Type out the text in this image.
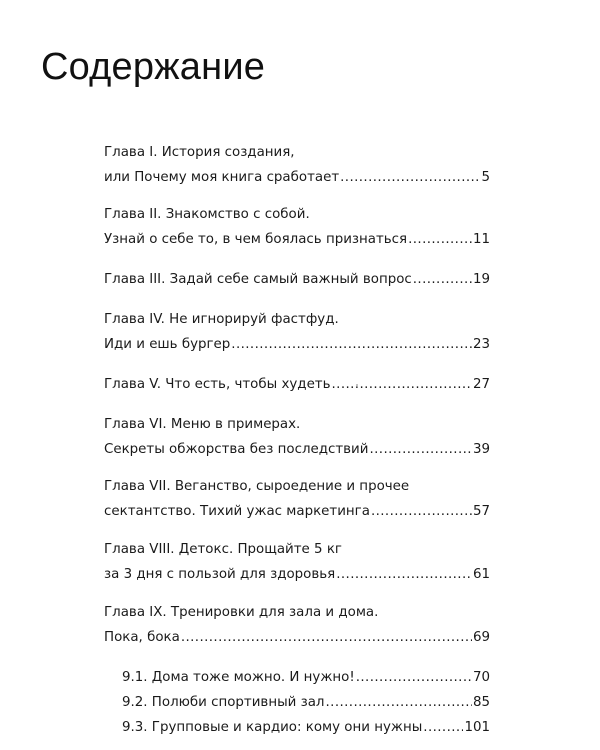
Содержание
Глава I. История создания,
или Почему моя книга сработает .....	5
Глава II. Знакомство с собой.
Узнай о себе то, в чем боялась признаться .....	11
Глава III. Задай себе самый важный вопрос .....	19
Глава IV. Не игнорируй фастфуд.
Иди и ешь бургер .....	23
Глава V. Что есть, чтобы худеть .....	27
Глава VI. Меню в примерах.
Секреты обжорства без последствий .....	39
Глава VII. Веганство, сыроедение и прочее
сектантство. Тихий ужас маркетинга .....	57
Глава VIII. Детокс. Прощайте 5 кг
за 3 дня с пользой для здоровья .....	61
Глава IX. Тренировки для зала и дома.
Пока, бока .....	69
9.1. Дома тоже можно. И нужно! .....	70
9.2. Полюби спортивный зал .....	85
9.3. Групповые и кардио: кому они нужны .....	101
